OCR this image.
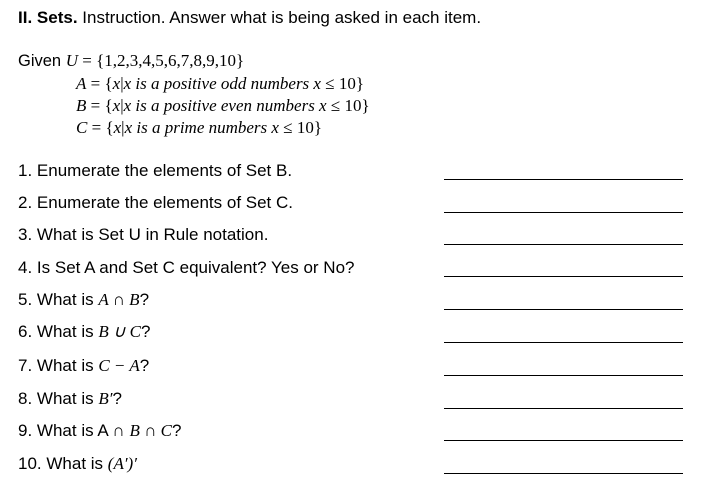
II. Sets. Instruction. Answer what is being asked in each item.
Given U = {1,2,3,4,5,6,7,8,9,10}
A = {x|x is a positive odd numbers x ≤ 10}
B = {x|x is a positive even numbers x ≤ 10}
C = {x|x is a prime numbers x ≤ 10}
1. Enumerate the elements of Set B.
2. Enumerate the elements of Set C.
3. What is Set U in Rule notation.
4. Is Set A and Set C equivalent? Yes or No?
5. What is A ∩ B?
6. What is B ∪ C?
7. What is C − A?
8. What is B′?
9. What is A ∩ B ∩ C?
10. What is (A′)′
